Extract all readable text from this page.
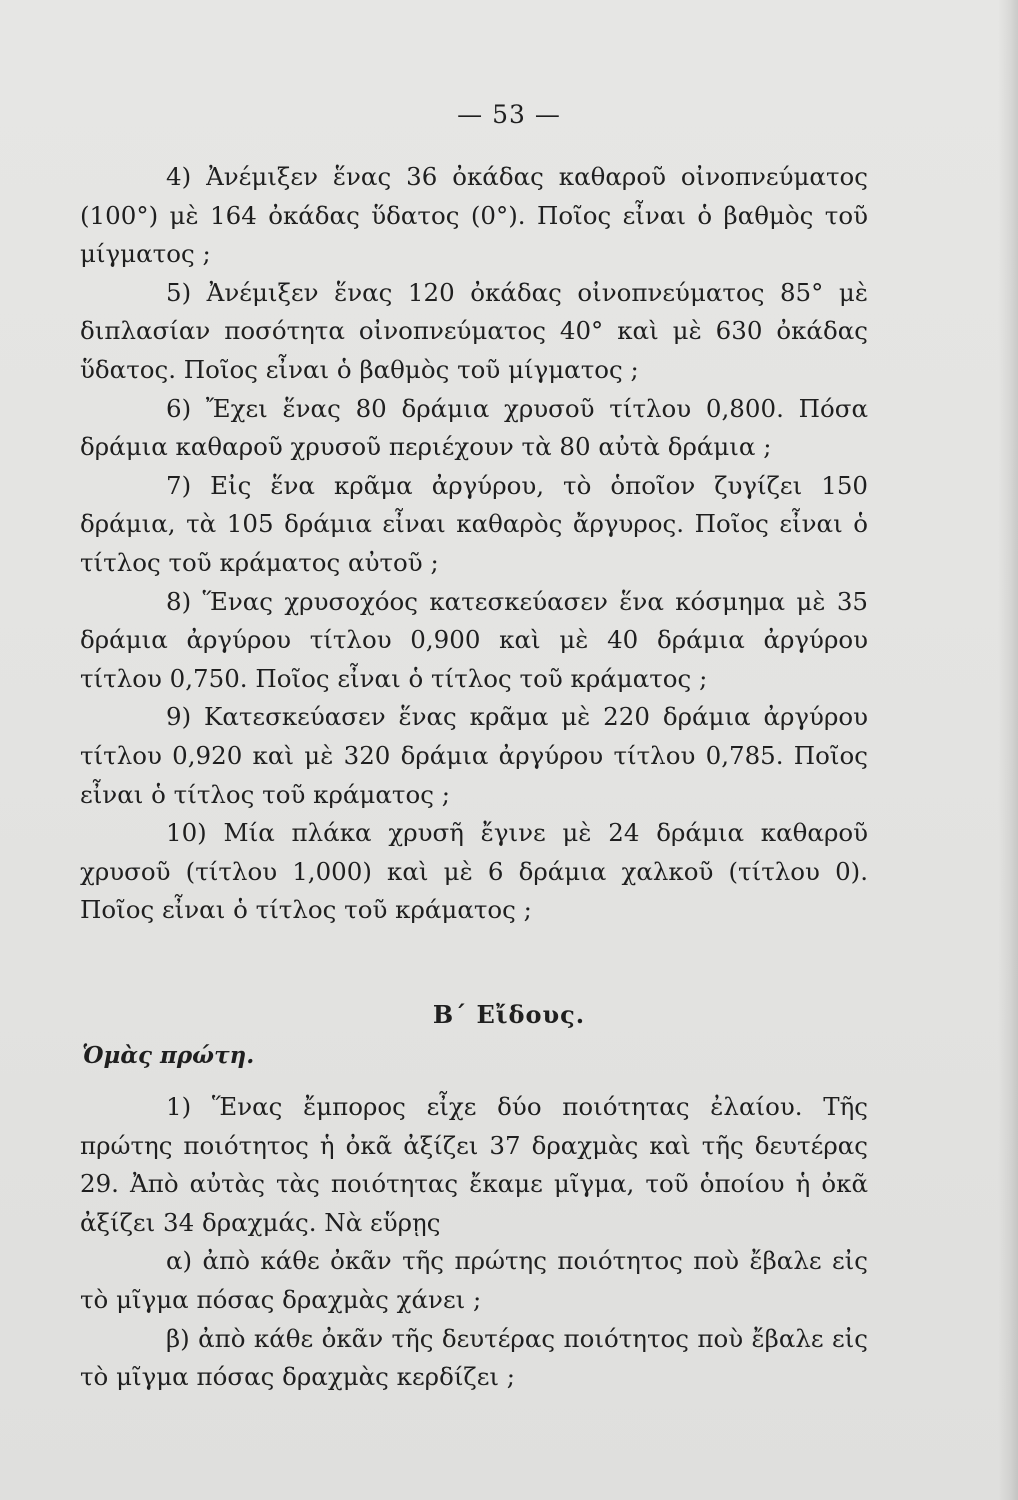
— 53 —

4) Ἀνέμιξεν ἕνας 36 ὀκάδας καθαροῦ οἰνοπνεύματος (100°) μὲ 164 ὀκάδας ὕδατος (0°). Ποῖος εἶναι ὁ βαθμὸς τοῦ μίγματος ;

5) Ἀνέμιξεν ἕνας 120 ὀκάδας οἰνοπνεύματος 85° μὲ διπλασίαν ποσότητα οἰνοπνεύματος 40° καὶ μὲ 630 ὀκάδας ὕδατος. Ποῖος εἶναι ὁ βαθμὸς τοῦ μίγματος ;

6) Ἔχει ἕνας 80 δράμια χρυσοῦ τίτλου 0,800. Πόσα δράμια καθαροῦ χρυσοῦ περιέχουν τὰ 80 αὐτὰ δράμια ;

7) Εἰς ἕνα κρᾶμα ἀργύρου, τὸ ὁποῖον ζυγίζει 150 δράμια, τὰ 105 δράμια εἶναι καθαρὸς ἄργυρος. Ποῖος εἶναι ὁ τίτλος τοῦ κράματος αὐτοῦ ;

8) Ἕνας χρυσοχόος κατεσκεύασεν ἕνα κόσμημα μὲ 35 δράμια ἀργύρου τίτλου 0,900 καὶ μὲ 40 δράμια ἀργύρου τίτλου 0,750. Ποῖος εἶναι ὁ τίτλος τοῦ κράματος ;

9) Κατεσκεύασεν ἕνας κρᾶμα μὲ 220 δράμια ἀργύρου τίτλου 0,920 καὶ μὲ 320 δράμια ἀργύρου τίτλου 0,785. Ποῖος εἶναι ὁ τίτλος τοῦ κράματος ;

10) Μία πλάκα χρυσῆ ἔγινε μὲ 24 δράμια καθαροῦ χρυσοῦ (τίτλου 1,000) καὶ μὲ 6 δράμια χαλκοῦ (τίτλου 0). Ποῖος εἶναι ὁ τίτλος τοῦ κράματος ;

Β΄ Εἴδους.
Ὁμὰς πρώτη.

1) Ἕνας ἔμπορος εἶχε δύο ποιότητας ἐλαίου. Τῆς πρώτης ποιότητος ἡ ὀκᾶ ἀξίζει 37 δραχμὰς καὶ τῆς δευτέρας 29. Ἀπὸ αὐτὰς τὰς ποιότητας ἔκαμε μῖγμα, τοῦ ὁποίου ἡ ὀκᾶ ἀξίζει 34 δραχμάς. Νὰ εὕρῃς

α) ἀπὸ κάθε ὀκᾶν τῆς πρώτης ποιότητος ποὺ ἔβαλε εἰς τὸ μῖγμα πόσας δραχμὰς χάνει ;

β) ἀπὸ κάθε ὀκᾶν τῆς δευτέρας ποιότητος ποὺ ἔβαλε εἰς τὸ μῖγμα πόσας δραχμὰς κερδίζει ;
